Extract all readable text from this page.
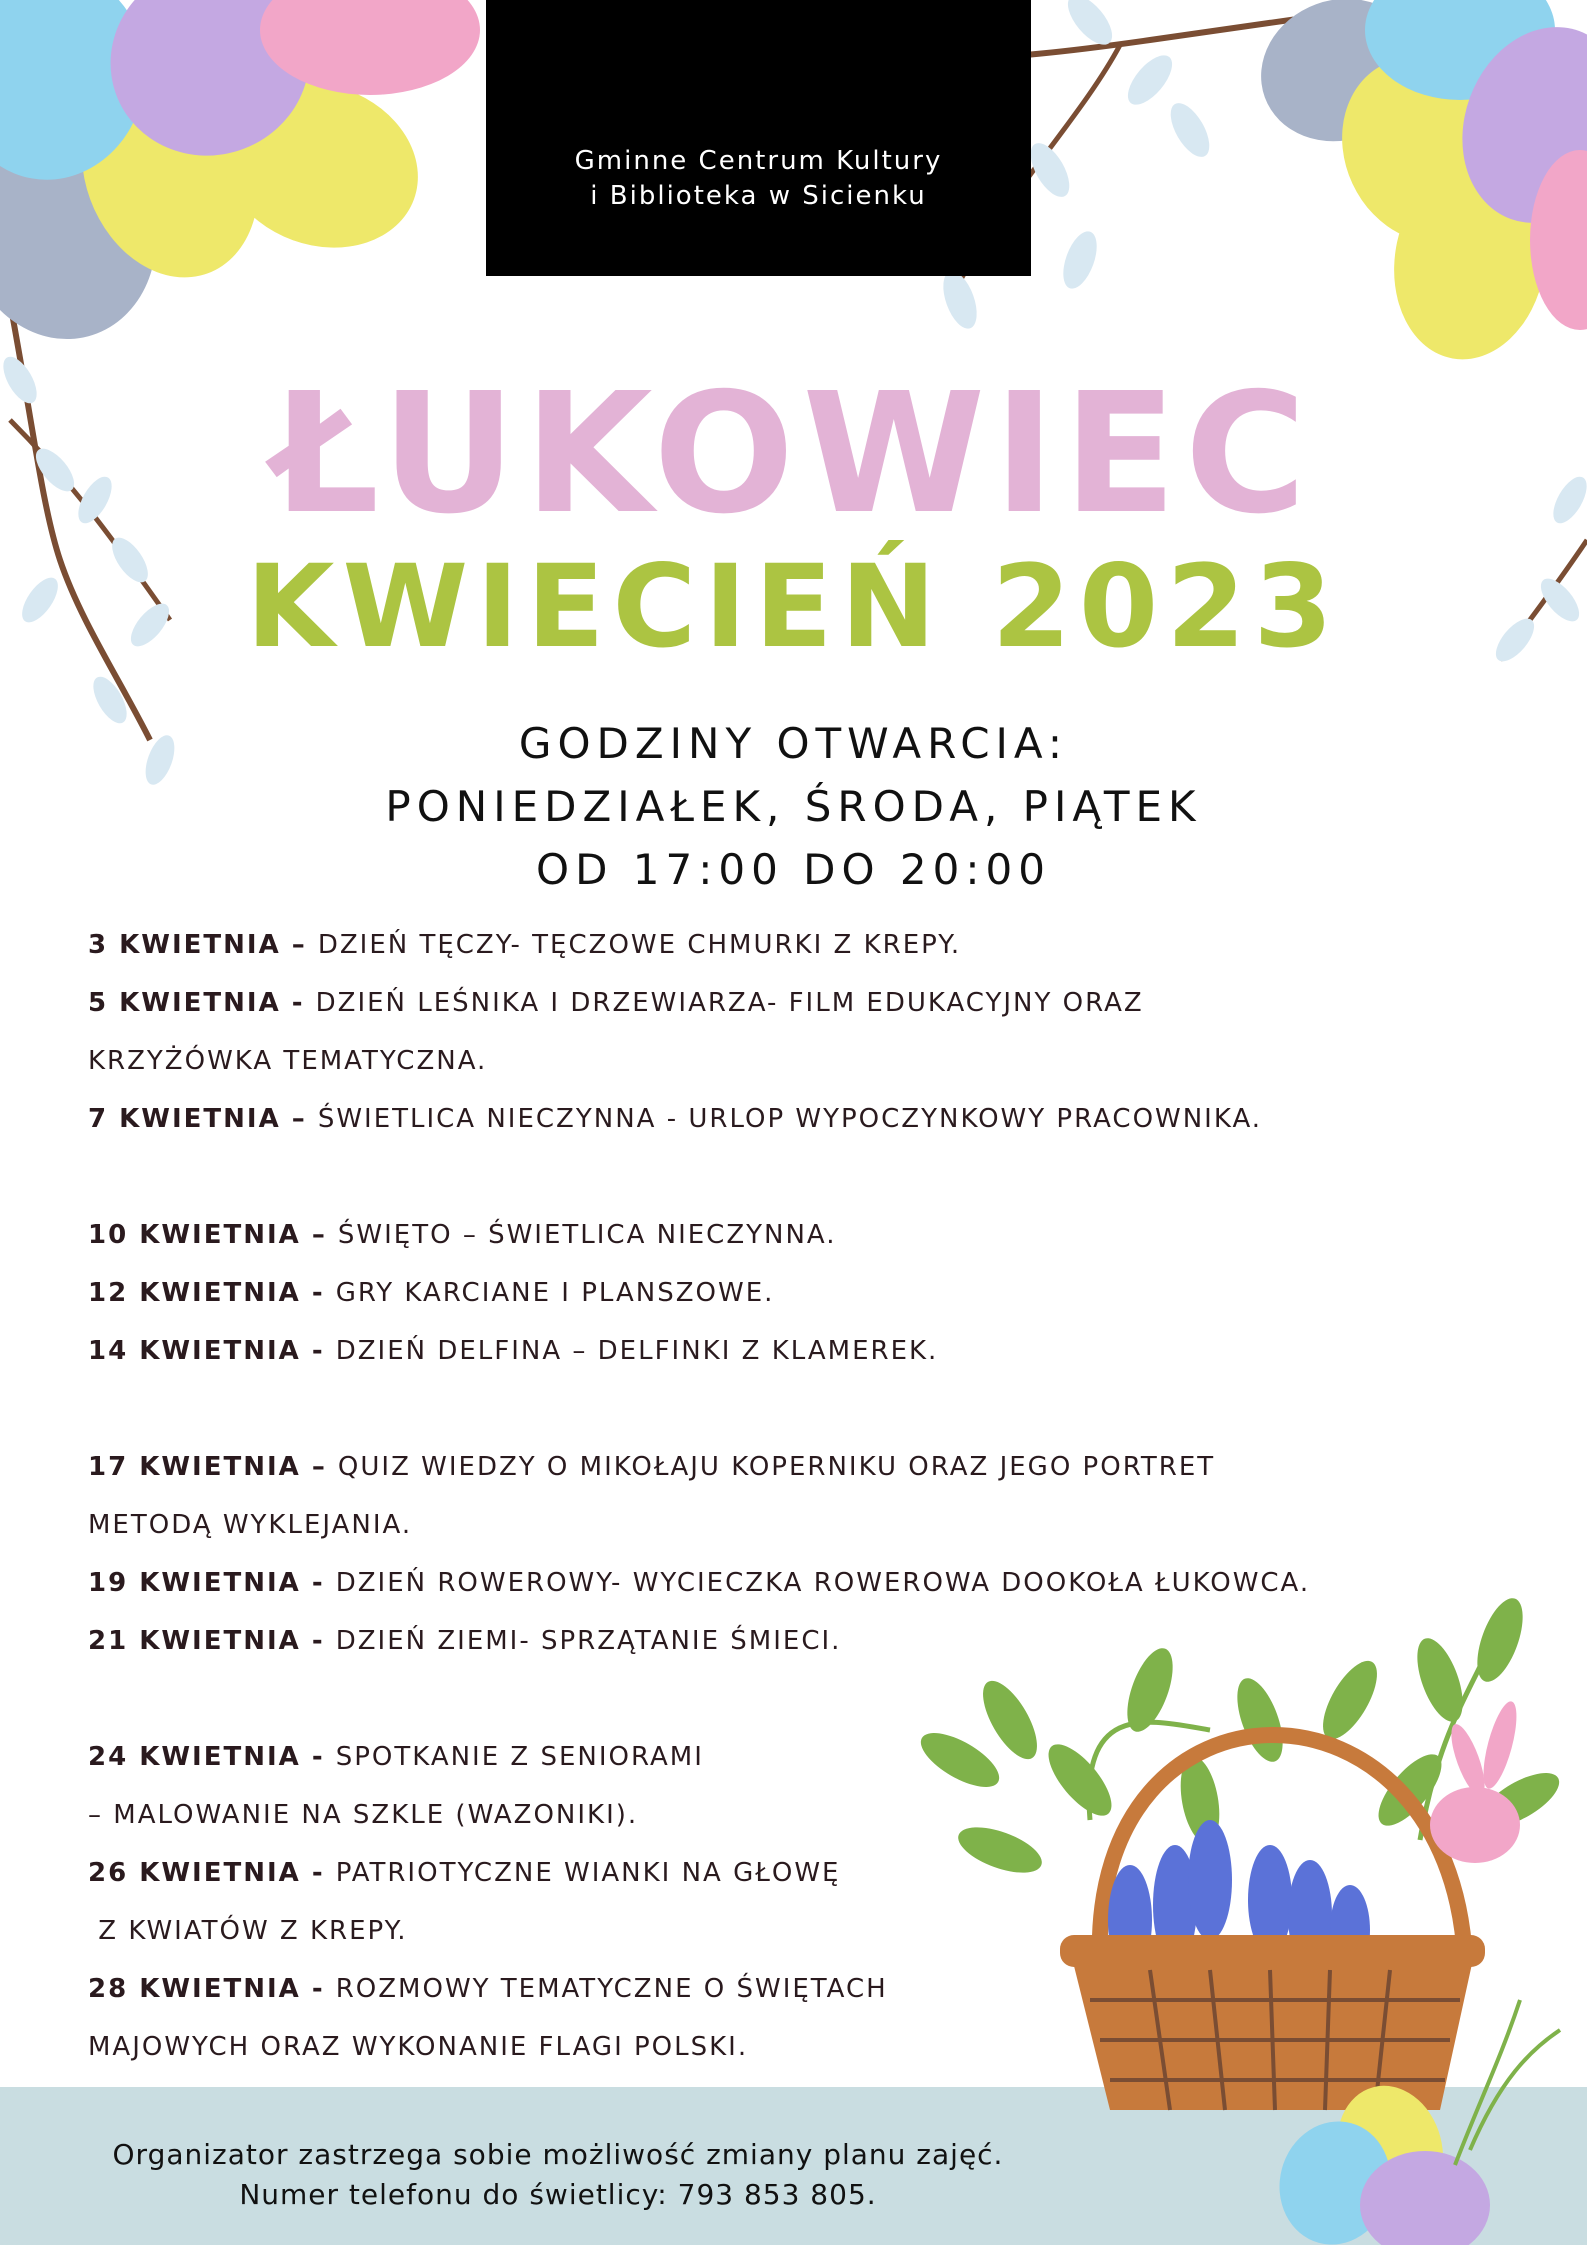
Gminne Centrum Kultury
i Biblioteka w Sicienku
ŁUKOWIEC
KWIECIEŃ 2023
GODZINY OTWARCIA:
PONIEDZIAŁEK, ŚRODA, PIĄTEK
OD 17:00 DO 20:00
3 KWIETNIA – DZIEŃ TĘCZY- TĘCZOWE CHMURKI Z KREPY.
5 KWIETNIA - DZIEŃ LEŚNIKA I DRZEWIARZA- FILM EDUKACYJNY ORAZ
KRZYŻÓWKA TEMATYCZNA.
7 KWIETNIA – ŚWIETLICA NIECZYNNA - URLOP WYPOCZYNKOWY PRACOWNIKA.
10 KWIETNIA – ŚWIĘTO – ŚWIETLICA NIECZYNNA.
12 KWIETNIA - GRY KARCIANE I PLANSZOWE.
14 KWIETNIA - DZIEŃ DELFINA – DELFINKI Z KLAMEREK.
17 KWIETNIA – QUIZ WIEDZY O MIKOŁAJU KOPERNIKU ORAZ JEGO PORTRET
METODĄ WYKLEJANIA.
19 KWIETNIA - DZIEŃ ROWEROWY- WYCIECZKA ROWEROWA DOOKOŁA ŁUKOWCA.
21 KWIETNIA - DZIEŃ ZIEMI- SPRZĄTANIE ŚMIECI.
24 KWIETNIA - SPOTKANIE Z SENIORAMI
– MALOWANIE NA SZKLE (WAZONIKI).
26 KWIETNIA - PATRIOTYCZNE WIANKI NA GŁOWĘ
Z KWIATÓW Z KREPY.
28 KWIETNIA - ROZMOWY TEMATYCZNE O ŚWIĘTACH
MAJOWYCH ORAZ WYKONANIE FLAGI POLSKI.
Organizator zastrzega sobie możliwość zmiany planu zajęć.
Numer telefonu do świetlicy: 793 853 805.
